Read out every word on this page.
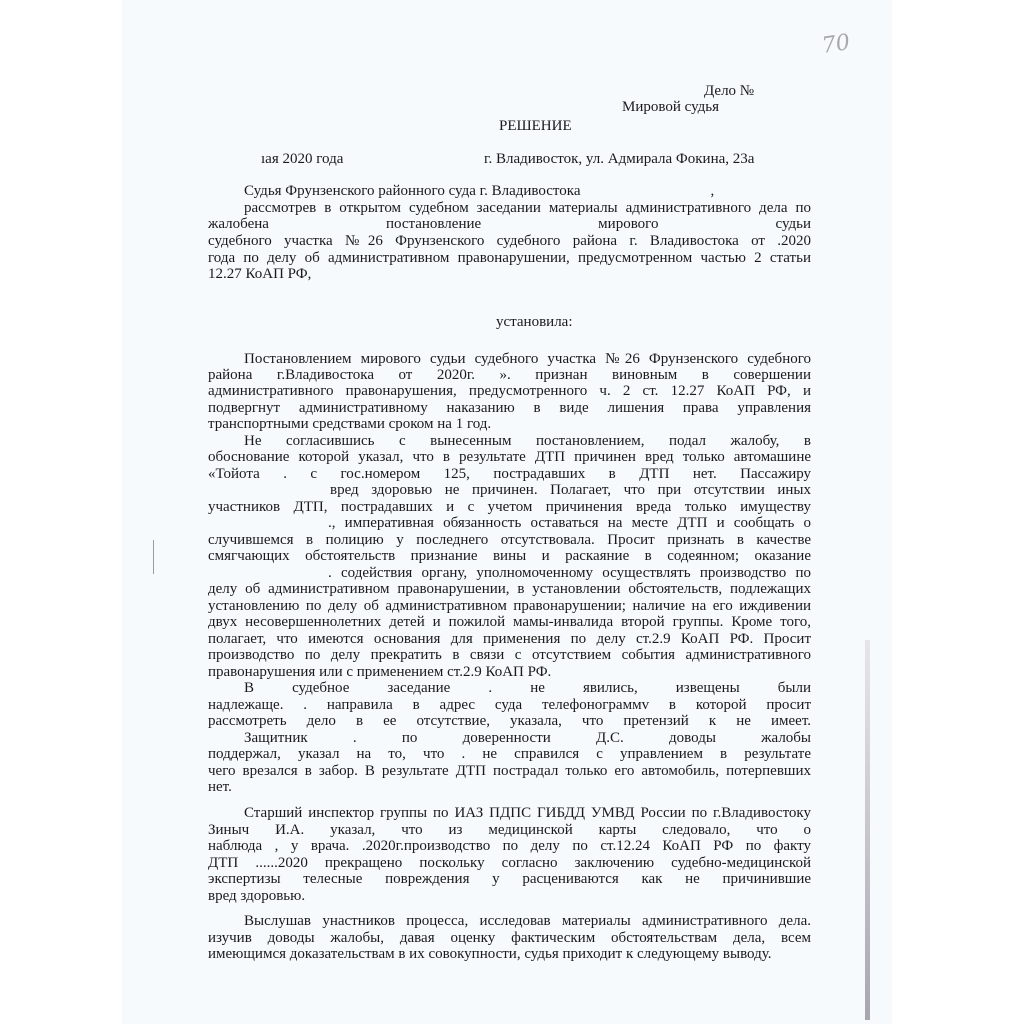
70
Дело №
Мировой судья
РЕШЕНИЕ
ıая 2020 года	г. Владивосток, ул. Адмирала Фокина, 23а
Судья Фрунзенского районного суда г. Владивостока	,
рассмотрев в открытом судебном заседании материалы административного дела по
жалобена постановление мирового судьи
судебного участка №26 Фрунзенского судебного района г. Владивостока от .2020
года по делу об административном правонарушении, предусмотренном частью 2 статьи
12.27 КоАП РФ,
установила:
Постановлением мирового судьи судебного участка №26 Фрунзенского судебного
района г.Владивостока от 2020г. ». признан виновным в совершении
административного правонарушения, предусмотренного ч. 2 ст. 12.27 КоАП РФ, и
подвергнут административному наказанию в виде лишения права управления
транспортными средствами сроком на 1 год.
Не согласившись с вынесенным постановлением, подал жалобу, в
обоснование которой указал, что в результате ДТП причинен вред только автомашине
«Тойота . с гос.номером 125, пострадавших в ДТП нет. Пассажиру
вред здоровью не причинен. Полагает, что при отсутствии иных
участников ДТП, пострадавших и с учетом причинения вреда только имуществу
., императивная обязанность оставаться на месте ДТП и сообщать о
случившемся в полицию у последнего отсутствовала. Просит признать в качестве
смягчающих обстоятельств признание вины и раскаяние в содеянном; оказание
. содействия органу, уполномоченному осуществлять производство по
делу об административном правонарушении, в установлении обстоятельств, подлежащих
установлению по делу об административном правонарушении; наличие на его иждивении
двух несовершеннолетних детей и пожилой мамы-инвалида второй группы. Кроме того,
полагает, что имеются основания для применения по делу ст.2.9 КоАП РФ. Просит
производство по делу прекратить в связи с отсутствием события административного
правонарушения или с применением ст.2.9 КоАП РФ.
В судебное заседание	. не явились, извещены были
надлежаще. . направила в адрес суда телефонограммv в которой просит
рассмотреть дело в ее отсутствие, указала, что претензий к не имеет.
Защитник	. по доверенности	Д.С. доводы жалобы
поддержал, указал на то, что . не справился с управлением в результате
чего врезался в забор. В результате ДТП пострадал только его автомобиль, потерпевших
нет.
Старший инспектор группы по ИАЗ ПДПС ГИБДД УМВД России по г.Владивостоку
Зиныч И.А. указал, что из медицинской карты следовало, что о
наблюда , у врача. .2020г.производство по делу по ст.12.24 КоАП РФ по факту
ДТП ......2020 прекращено поскольку согласно заключению судебно-медицинской
экспертизы телесные повреждения у расцениваются как не причинившие
вред здоровью.
Выслушав унастников процесса, исследовав материалы административного дела.
изучив доводы жалобы, давая оценку фактическим обстоятельствам дела, всем
имеющимся доказательствам в их совокупности, судья приходит к следующему выводу.
